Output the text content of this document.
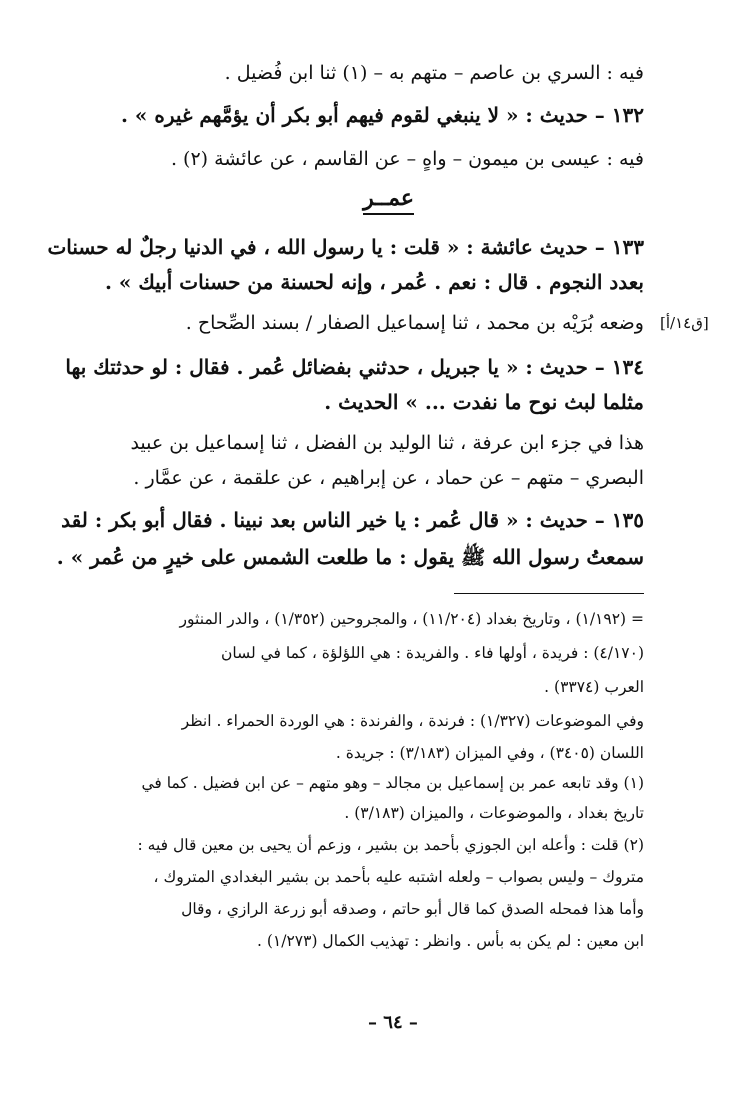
فيه : السري بن عاصم – متهم به – (١) ثنا ابن فُضيل .
١٣٢ – حديث : « لا ينبغي لقوم فيهم أبو بكر أن يؤمَّهم غيره » .
فيه : عيسى بن ميمون – واهٍ – عن القاسم ، عن عائشة (٢) .
عمــر
١٣٣ – حديث عائشة : « قلت : يا رسول الله ، في الدنيا رجلٌ له حسنات
بعدد النجوم . قال : نعم . عُمر ، وإنه لحسنة من حسنات أبيك » .
وضعه بُرَيْه بن محمد ، ثنا إسماعيل الصفار / بسند الصِّحاح . [ق١٤/أ]
١٣٤ – حديث : « يا جبريل ، حدثني بفضائل عُمر . فقال : لو حدثتك بها
مثلما لبث نوح ما نفدت ... » الحديث .
هذا في جزء ابن عرفة ، ثنا الوليد بن الفضل ، ثنا إسماعيل بن عبيد
البصري – متهم – عن حماد ، عن إبراهيم ، عن علقمة ، عن عمَّار .
١٣٥ – حديث : « قال عُمر : يا خير الناس بعد نبينا . فقال أبو بكر : لقد
سمعتُ رسول الله ﷺ يقول : ما طلعت الشمس على خيرٍ من عُمر » .
= (١/١٩٢) ، وتاريخ بغداد (١١/٢٠٤) ، والمجروحين (١/٣٥٢) ، والدر المنثور
(٤/١٧٠) : فريدة ، أولها فاء . والفريدة : هي اللؤلؤة ، كما في لسان
العرب (٣٣٧٤) .
وفي الموضوعات (١/٣٢٧) : فرندة ، والفرندة : هي الوردة الحمراء . انظر
اللسان (٣٤٠٥) ، وفي الميزان (٣/١٨٣) : جريدة .
(١) وقد تابعه عمر بن إسماعيل بن مجالد – وهو متهم – عن ابن فضيل . كما في
تاريخ بغداد ، والموضوعات ، والميزان (٣/١٨٣) .
(٢) قلت : وأعله ابن الجوزي بأحمد بن بشير ، وزعم أن يحيى بن معين قال فيه :
متروك – وليس بصواب – ولعله اشتبه عليه بأحمد بن بشير البغدادي المتروك ،
وأما هذا فمحله الصدق كما قال أبو حاتم ، وصدقه أبو زرعة الرازي ، وقال
ابن معين : لم يكن به بأس . وانظر : تهذيب الكمال (١/٢٧٣) .
– ٦٤ –
